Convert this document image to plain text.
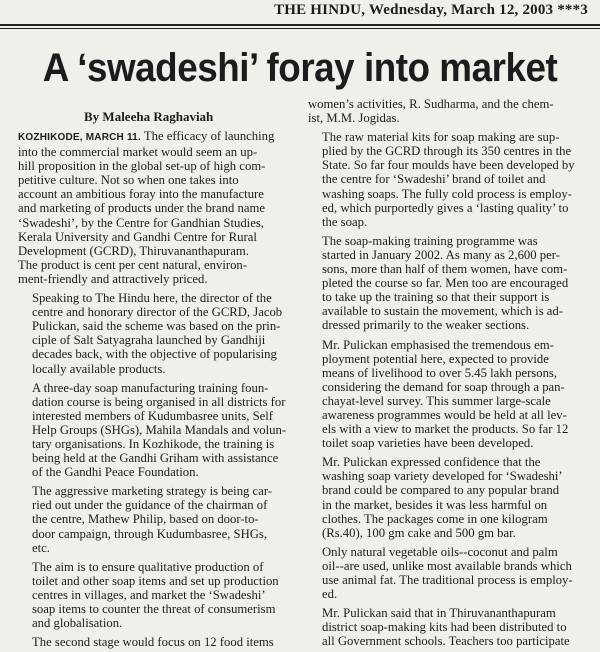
THE HINDU, Wednesday, March 12, 2003 ***3
A ‘swadeshi’ foray into market
By Maleeha Raghaviah

KOZHIKODE, MARCH 11. The efficacy of launching
into the commercial market would seem an up-
hill proposition in the global set-up of high com-
petitive culture. Not so when one takes into
account an ambitious foray into the manufacture
and marketing of products under the brand name
‘Swadeshi’, by the Centre for Gandhian Studies,
Kerala University and Gandhi Centre for Rural
Development (GCRD), Thiruvananthapuram.
The product is cent per cent natural, environ-
ment-friendly and attractively priced.

Speaking to The Hindu here, the director of the
centre and honorary director of the GCRD, Jacob
Pulickan, said the scheme was based on the prin-
ciple of Salt Satyagraha launched by Gandhiji
decades back, with the objective of popularising
locally available products.

A three-day soap manufacturing training foun-
dation course is being organised in all districts for
interested members of Kudumbasree units, Self
Help Groups (SHGs), Mahila Mandals and volun-
tary organisations. In Kozhikode, the training is
being held at the Gandhi Griham with assistance
of the Gandhi Peace Foundation.

The aggressive marketing strategy is being car-
ried out under the guidance of the chairman of
the centre, Mathew Philip, based on door-to-
door campaign, through Kudumbasree, SHGs,
etc.

The aim is to ensure qualitative production of
toilet and other soap items and set up production
centres in villages, and market the ‘Swadeshi’
soap items to counter the threat of consumerism
and globalisation.

The second stage would focus on 12 food items

women’s activities, R. Sudharma, and the chem-
ist, M.M. Jogidas.

The raw material kits for soap making are sup-
plied by the GCRD through its 350 centres in the
State. So far four moulds have been developed by
the centre for ‘Swadeshi’ brand of toilet and
washing soaps. The fully cold process is employ-
ed, which purportedly gives a ‘lasting quality’ to
the soap.

The soap-making training programme was
started in January 2002. As many as 2,600 per-
sons, more than half of them women, have com-
pleted the course so far. Men too are encouraged
to take up the training so that their support is
available to sustain the movement, which is ad-
dressed primarily to the weaker sections.

Mr. Pulickan emphasised the tremendous em-
ployment potential here, expected to provide
means of livelihood to over 5.45 lakh persons,
considering the demand for soap through a pan-
chayat-level survey. This summer large-scale
awareness programmes would be held at all lev-
els with a view to market the products. So far 12
toilet soap varieties have been developed.

Mr. Pulickan expressed confidence that the
washing soap variety developed for ‘Swadeshi’
brand could be compared to any popular brand
in the market, besides it was less harmful on
clothes. The packages come in one kilogram
(Rs.40), 100 gm cake and 500 gm bar.

Only natural vegetable oils--coconut and palm
oil--are used, unlike most available brands which
use animal fat. The traditional process is employ-
ed.

Mr. Pulickan said that in Thiruvananthapuram
district soap-making kits had been distributed to
all Government schools. Teachers too participate
